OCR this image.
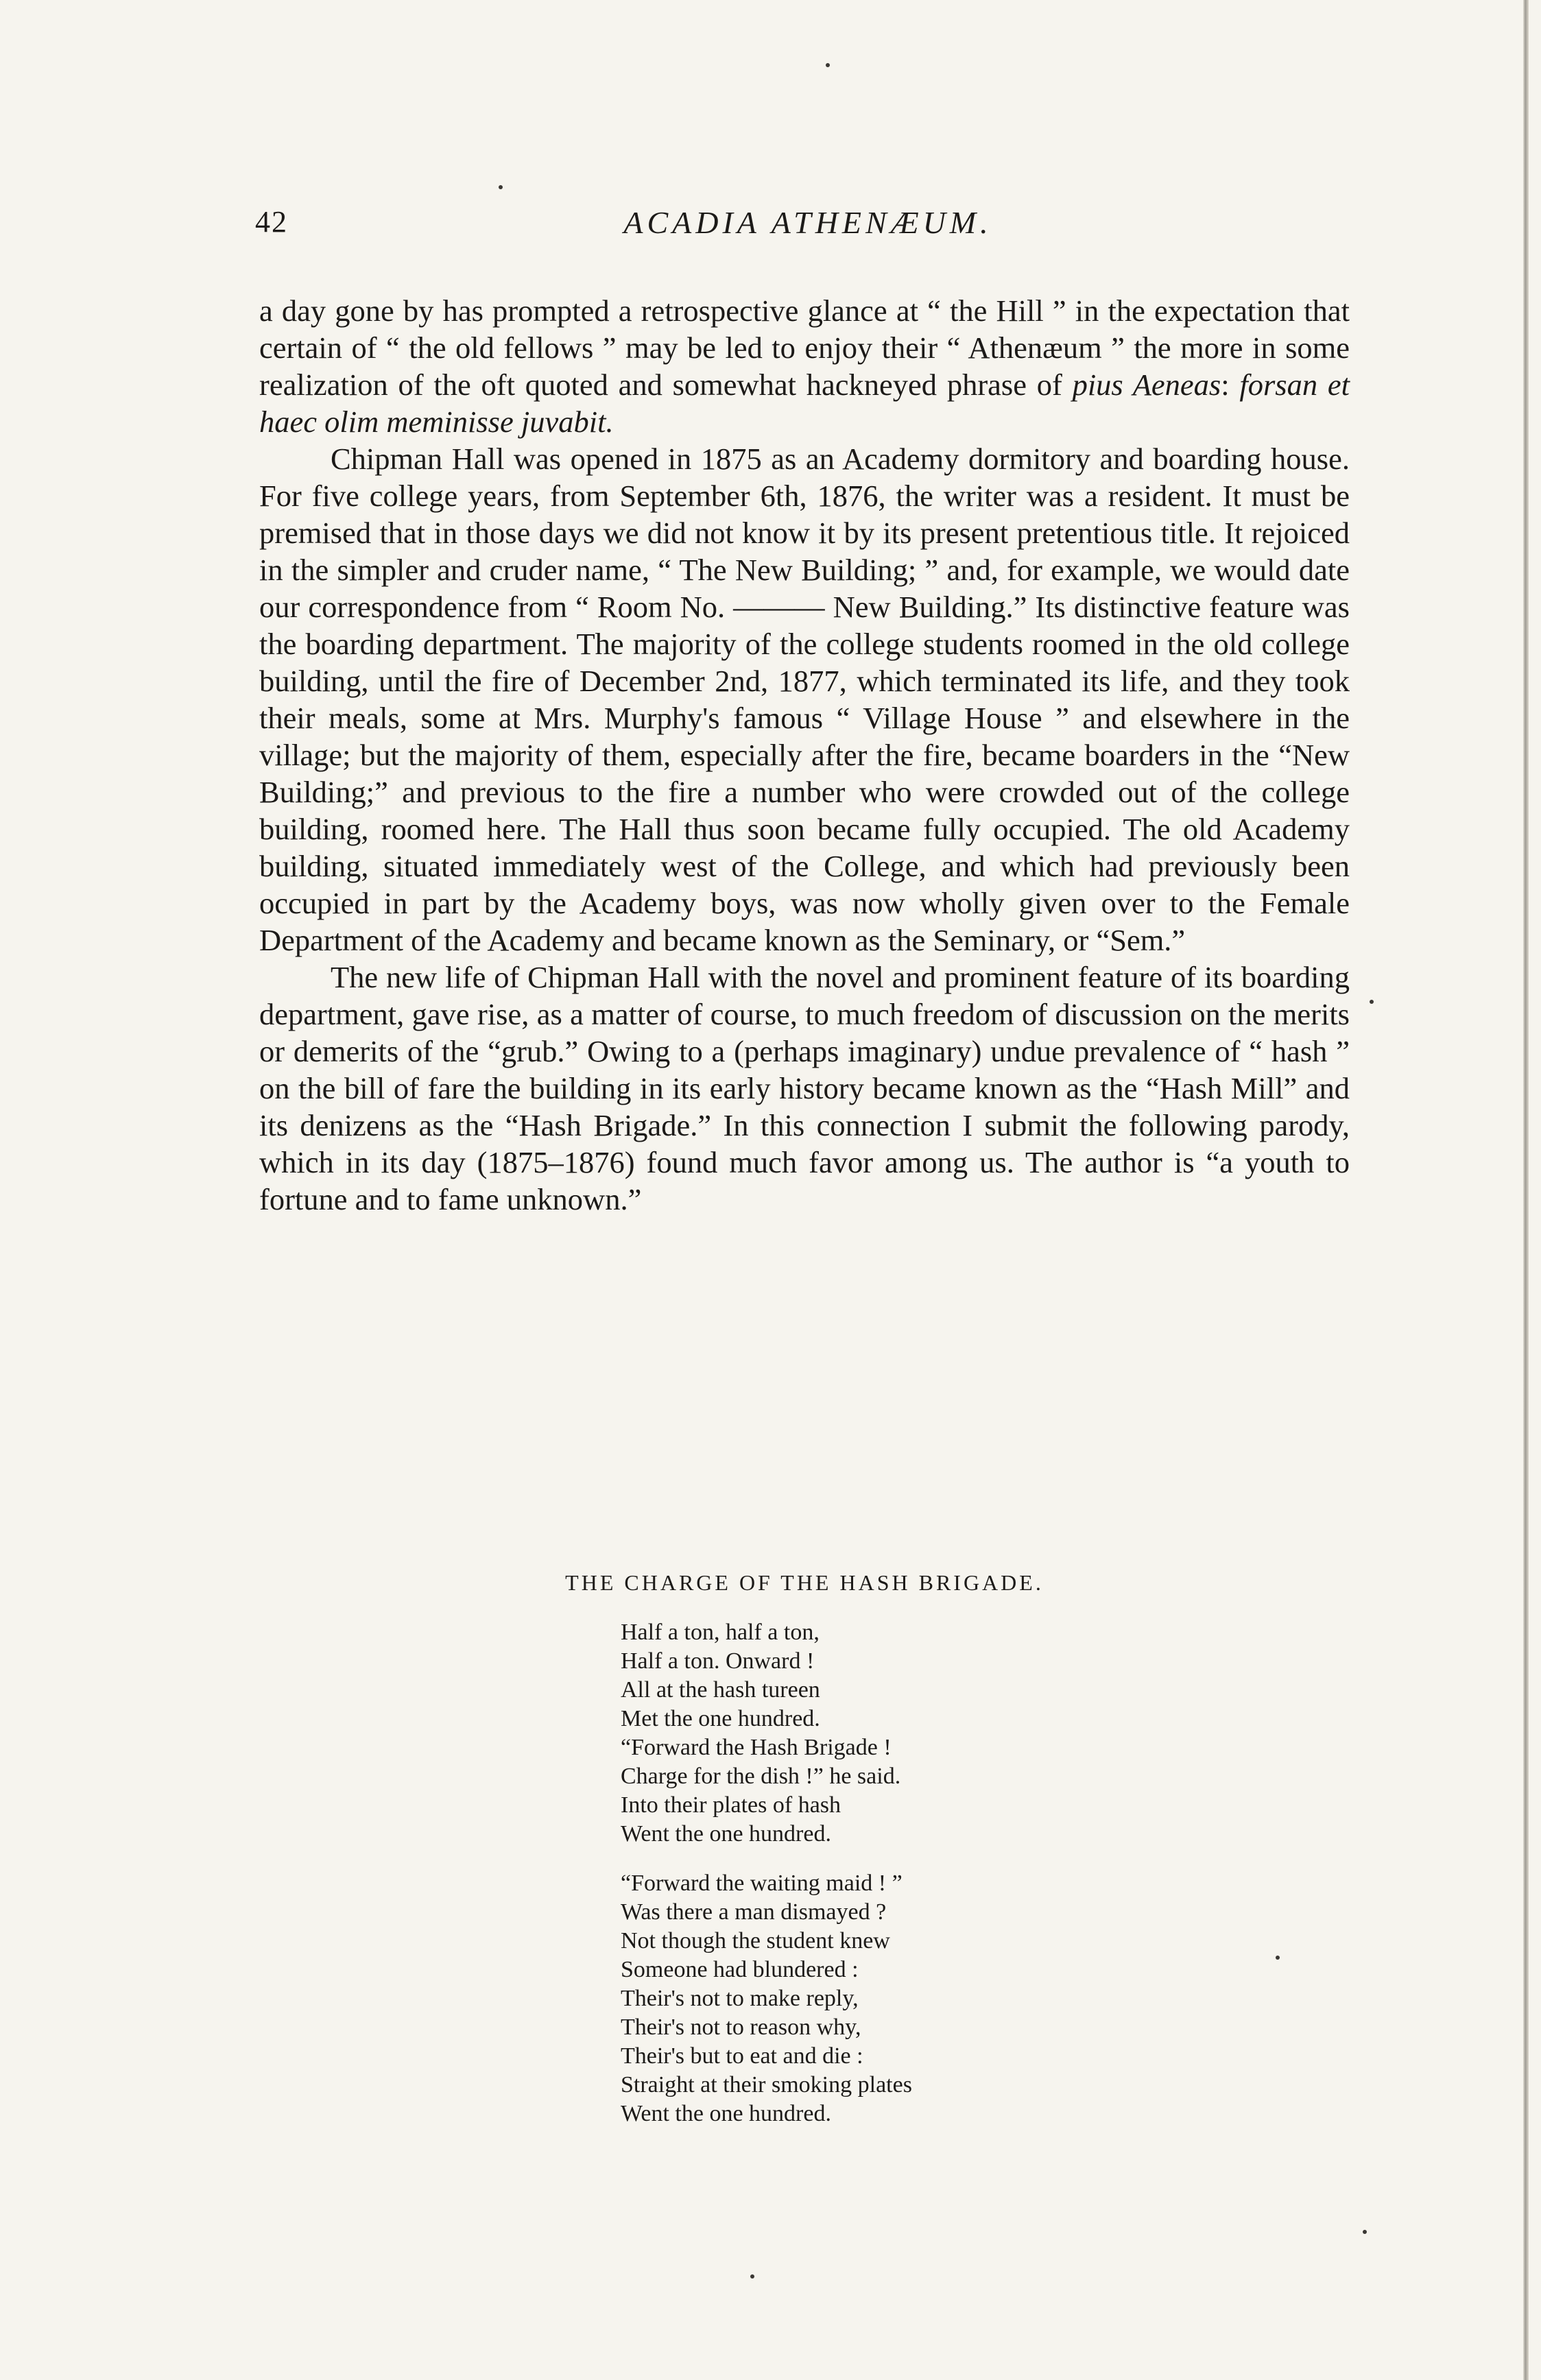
42	ACADIA ATHENÆUM.

a day gone by has prompted a retrospective glance at “ the Hill ” in the expectation that certain of “ the old fellows ” may be led to enjoy their “ Athenæum ” the more in some realization of the oft quoted and somewhat hackneyed phrase of pius Aeneas: forsan et haec olim meminisse juvabit.

Chipman Hall was opened in 1875 as an Academy dormitory and boarding house. For five college years, from September 6th, 1876, the writer was a resident. It must be premised that in those days we did not know it by its present pretentious title. It rejoiced in the simpler and cruder name, “ The New Building; ” and, for example, we would date our correspondence from “ Room No. ——— New Building.” Its distinctive feature was the boarding department. The majority of the college students roomed in the old college building, until the fire of December 2nd, 1877, which terminated its life, and they took their meals, some at Mrs. Murphy's famous “ Village House ” and elsewhere in the village; but the majority of them, especially after the fire, became boarders in the “New Building;” and previous to the fire a number who were crowded out of the college building, roomed here. The Hall thus soon became fully occupied. The old Academy building, situated immediately west of the College, and which had previously been occupied in part by the Academy boys, was now wholly given over to the Female Department of the Academy and became known as the Seminary, or “Sem.”

The new life of Chipman Hall with the novel and prominent feature of its boarding department, gave rise, as a matter of course, to much freedom of discussion on the merits or demerits of the “grub.” Owing to a (perhaps imaginary) undue prevalence of “ hash ” on the bill of fare the building in its early history became known as the “Hash Mill” and its denizens as the “Hash Brigade.” In this connection I submit the following parody, which in its day (1875–1876) found much favor among us. The author is “a youth to fortune and to fame unknown.”

THE CHARGE OF THE HASH BRIGADE.
Half a ton, half a ton,
Half a ton. Onward !
All at the hash tureen
Met the one hundred.
“Forward the Hash Brigade !
Charge for the dish !” he said.
Into their plates of hash
Went the one hundred.
“Forward the waiting maid ! ”
Was there a man dismayed ?
Not though the student knew
Someone had blundered :
Their's not to make reply,
Their's not to reason why,
Their's but to eat and die :
Straight at their smoking plates
Went the one hundred.
